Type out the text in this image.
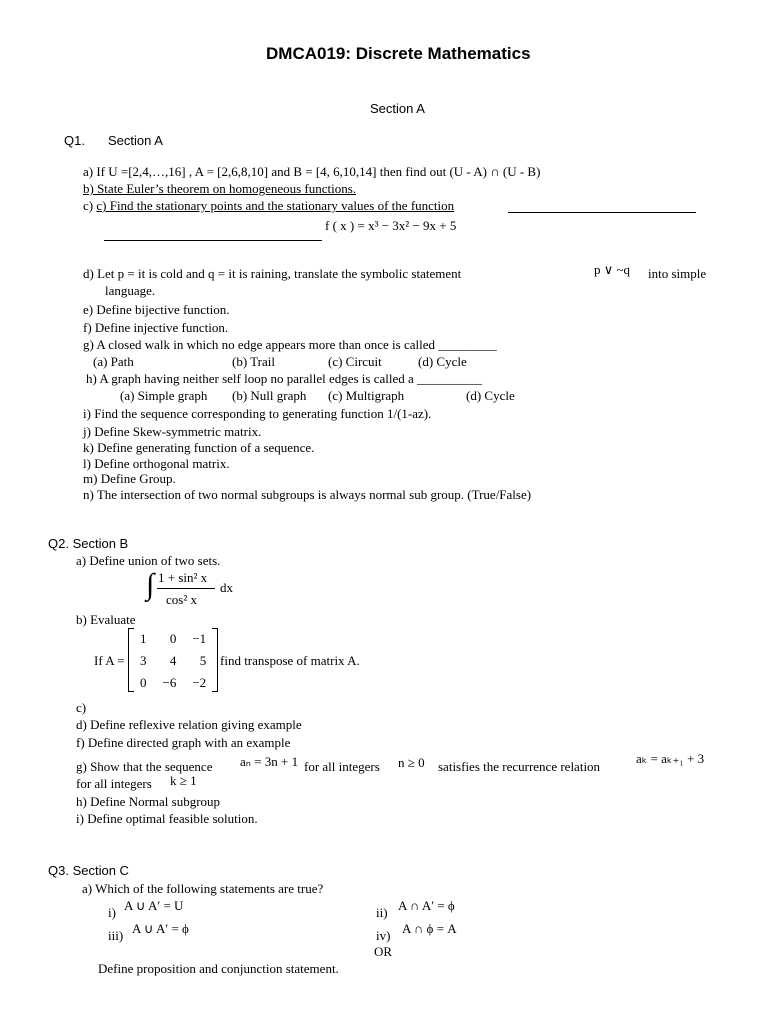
DMCA019: Discrete Mathematics
Section A
Q1. Section A
a) If U =[2,4,…,16] , A = [2,6,8,10] and B = [4, 6,10,14] then find out (U - A) ∩ (U - B)
b) State Euler’s theorem on homogeneous functions.
c) c) Find the stationary points and the stationary values of the function
f ( x ) = x³ − 3x² − 9x + 5
d) Let p = it is cold and q = it is raining, translate the symbolic statement	p ∨ ~q into simple
language.
e) Define bijective function.
f) Define injective function.
g) A closed walk in which no edge appears more than once is called _________
(a) Path	(b) Trail	(c) Circuit	(d) Cycle
h) A graph having neither self loop no parallel edges is called a __________
(a) Simple graph (b) Null graph (c) Multigraph	(d) Cycle
i) Find the sequence corresponding to generating function 1/(1-az).
j) Define Skew-symmetric matrix.
k) Define generating function of a sequence.
l) Define orthogonal matrix.
m) Define Group.
n) The intersection of two normal subgroups is always normal sub group. (True/False)
Q2. Section B
a) Define union of two sets.
∫ 1 + sin² x
cos² x
dx
b) Evaluate
If A =
1	0	−1
3	4	5
0	−6	−2
find transpose of matrix A.
c)
d) Define reflexive relation giving example
f) Define directed graph with an example
g) Show that the sequence aₙ = 3n + 1 for all integers n ≥ 0 satisfies the recurrence relation
aₖ = aₖ₊₁ + 3
for all integers k ≥ 1
h) Define Normal subgroup
i) Define optimal feasible solution.
Q3. Section C
a) Which of the following statements are true?
i) A ∪ A′ = U	ii) A ∩ A′ = ϕ
iii) A ∪ A′ = ϕ	iv) A ∩ ϕ = A
OR
Define proposition and conjunction statement.
